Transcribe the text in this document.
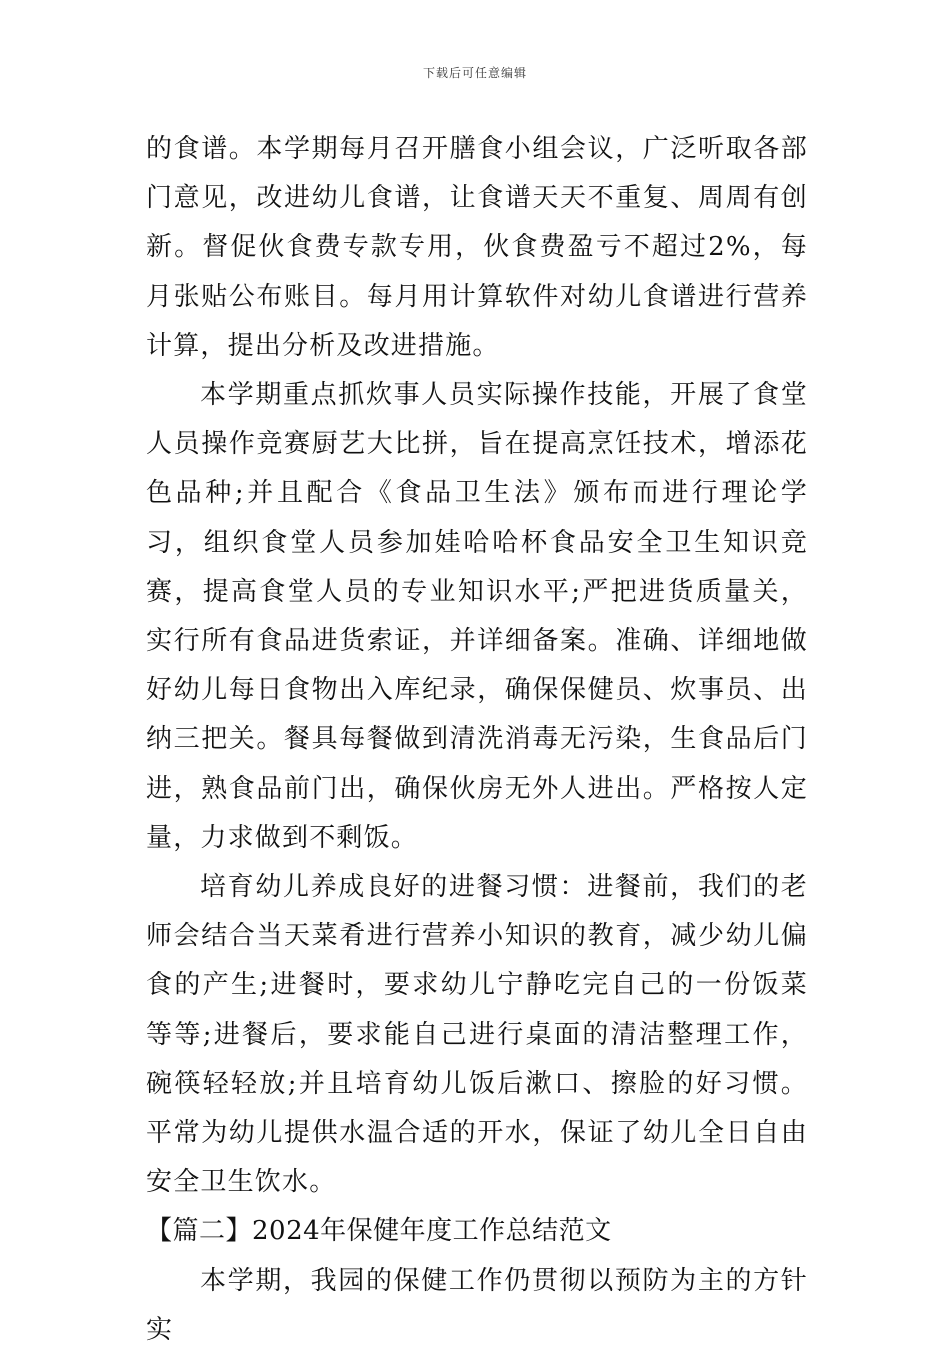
下载后可任意编辑

的食谱。本学期每月召开膳食小组会议，广泛听取各部门意见，改进幼儿食谱，让食谱天天不重复、周周有创新。督促伙食费专款专用，伙食费盈亏不超过2%，每月张贴公布账目。每月用计算软件对幼儿食谱进行营养计算，提出分析及改进措施。

本学期重点抓炊事人员实际操作技能，开展了食堂人员操作竞赛厨艺大比拼，旨在提高烹饪技术，增添花色品种;并且配合《食品卫生法》颁布而进行理论学习，组织食堂人员参加娃哈哈杯食品安全卫生知识竞赛，提高食堂人员的专业知识水平;严把进货质量关，实行所有食品进货索证，并详细备案。准确、详细地做好幼儿每日食物出入库纪录，确保保健员、炊事员、出纳三把关。餐具每餐做到清洗消毒无污染，生食品后门进，熟食品前门出，确保伙房无外人进出。严格按人定量，力求做到不剩饭。

培育幼儿养成良好的进餐习惯：进餐前，我们的老师会结合当天菜肴进行营养小知识的教育，减少幼儿偏食的产生;进餐时，要求幼儿宁静吃完自己的一份饭菜等等;进餐后，要求能自己进行桌面的清洁整理工作，碗筷轻轻放;并且培育幼儿饭后漱口、擦脸的好习惯。平常为幼儿提供水温合适的开水，保证了幼儿全日自由安全卫生饮水。

【篇二】2024年保健年度工作总结范文

本学期，我园的保健工作仍贯彻以预防为主的方针实
